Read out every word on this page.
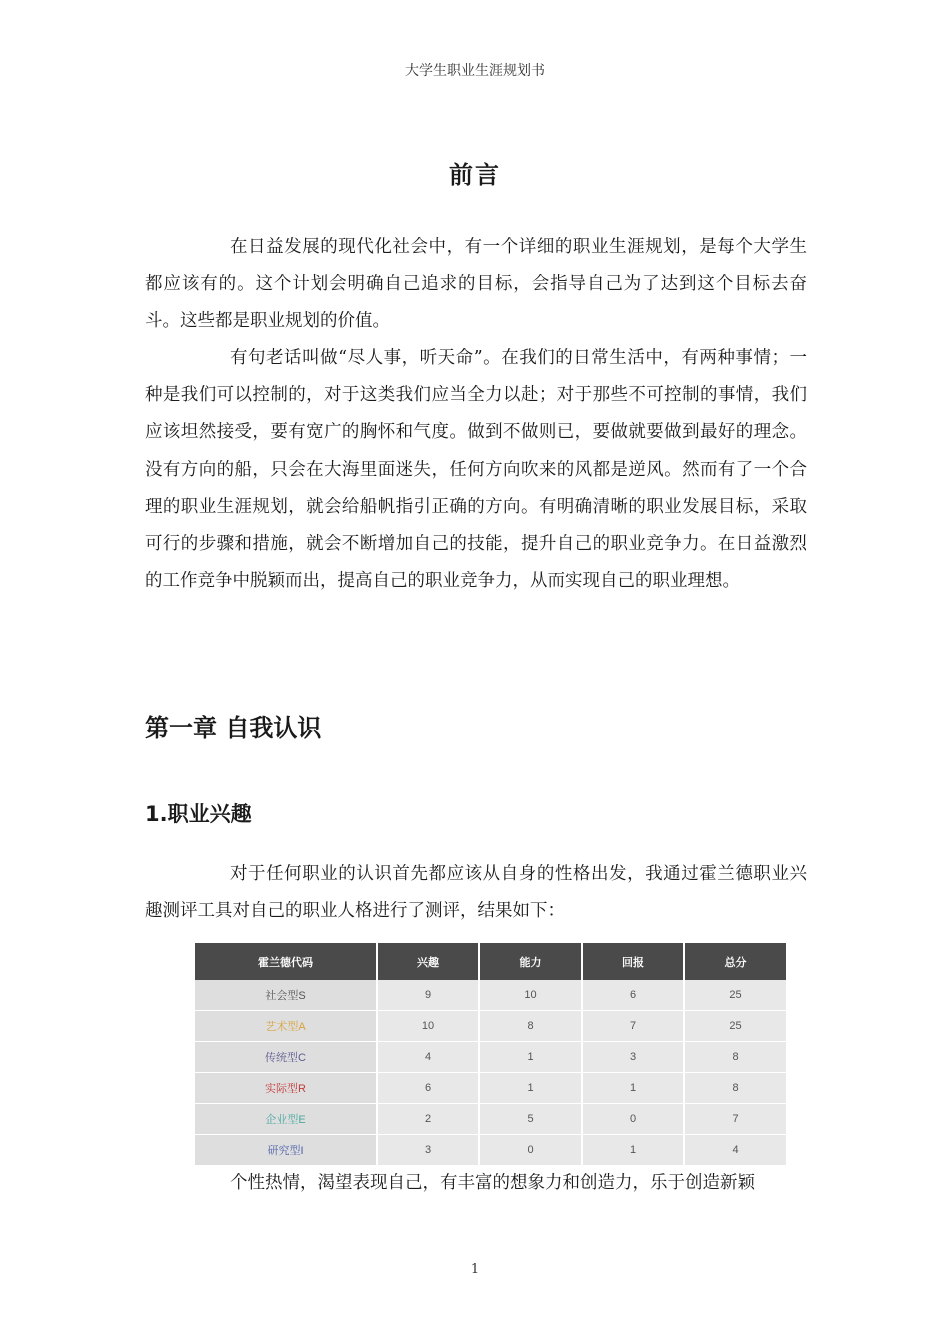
大学生职业生涯规划书
前言

在日益发展的现代化社会中，有一个详细的职业生涯规划，是每个大学生都应该有的。这个计划会明确自己追求的目标，会指导自己为了达到这个目标去奋斗。这些都是职业规划的价值。

有句老话叫做“尽人事，听天命”。在我们的日常生活中，有两种事情；一种是我们可以控制的，对于这类我们应当全力以赴；对于那些不可控制的事情，我们应该坦然接受，要有宽广的胸怀和气度。做到不做则已，要做就要做到最好的理念。没有方向的船，只会在大海里面迷失，任何方向吹来的风都是逆风。然而有了一个合理的职业生涯规划，就会给船帆指引正确的方向。有明确清晰的职业发展目标，采取可行的步骤和措施，就会不断增加自己的技能，提升自己的职业竞争力。在日益激烈的工作竞争中脱颖而出，提高自己的职业竞争力，从而实现自己的职业理想。

第一章 自我认识
1.职业兴趣

对于任何职业的认识首先都应该从自身的性格出发，我通过霍兰德职业兴趣测评工具对自己的职业人格进行了测评，结果如下：

霍兰德代码	兴趣	能力	回报	总分
社会型S	9	10	6	25
艺术型A	10	8	7	25
传统型C	4	1	3	8
实际型R	6	1	1	8
企业型E	2	5	0	7
研究型I	3	0	1	4

个性热情，渴望表现自己，有丰富的想象力和创造力，乐于创造新颖

1
